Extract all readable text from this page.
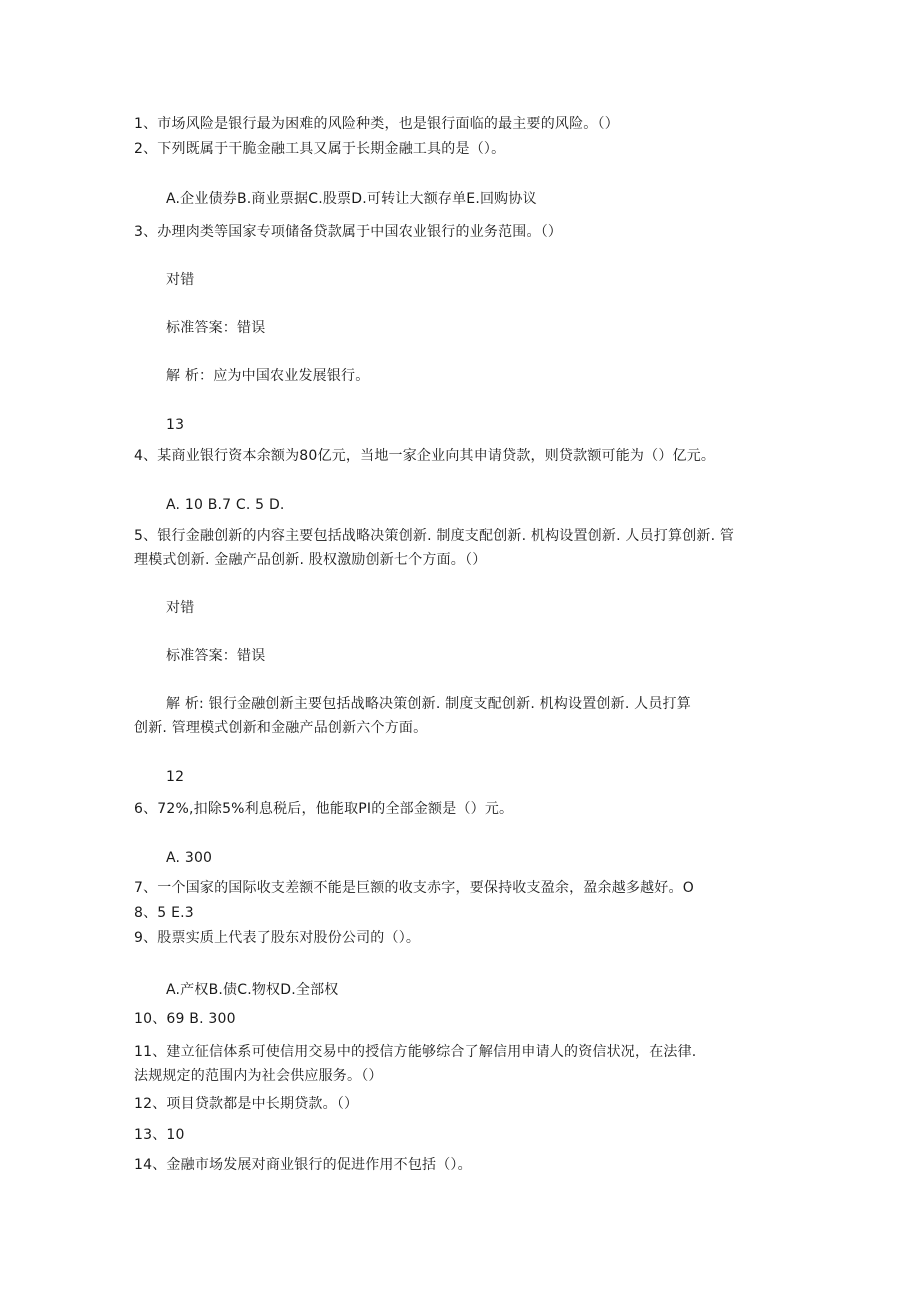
1、市场风险是银行最为困难的风险种类，也是银行面临的最主要的风险。（）
2、下列既属于干脆金融工具又属于长期金融工具的是（）。
A.企业债券B.商业票据C.股票D.可转让大额存单E.回购协议
3、办理肉类等国家专项储备贷款属于中国农业银行的业务范围。（）
对错
标准答案：错误
解 析：应为中国农业发展银行。
13
4、某商业银行资本余额为80亿元，当地一家企业向其申请贷款，则贷款额可能为（）亿元。
A. 10 B.7 C. 5 D.
5、银行金融创新的内容主要包括战略决策创新. 制度支配创新. 机构设置创新. 人员打算创新. 管
理模式创新. 金融产品创新. 股权激励创新七个方面。（）
对错
标准答案：错误
解 析: 银行金融创新主要包括战略决策创新. 制度支配创新. 机构设置创新. 人员打算
创新. 管理模式创新和金融产品创新六个方面。
12
6、72%,扣除5%利息税后，他能取PI的全部金额是（）元。
A. 300
7、一个国家的国际收支差额不能是巨额的收支赤字，要保持收支盈余，盈余越多越好。O
8、5 E.3
9、股票实质上代表了股东对股份公司的（）。
A.产权B.债C.物权D.全部权
10、69 B. 300
11、建立征信体系可使信用交易中的授信方能够综合了解信用申请人的资信状况，在法律.
法规规定的范围内为社会供应服务。（）
12、项目贷款都是中长期贷款。（）
13、10
14、金融市场发展对商业银行的促进作用不包括（）。
